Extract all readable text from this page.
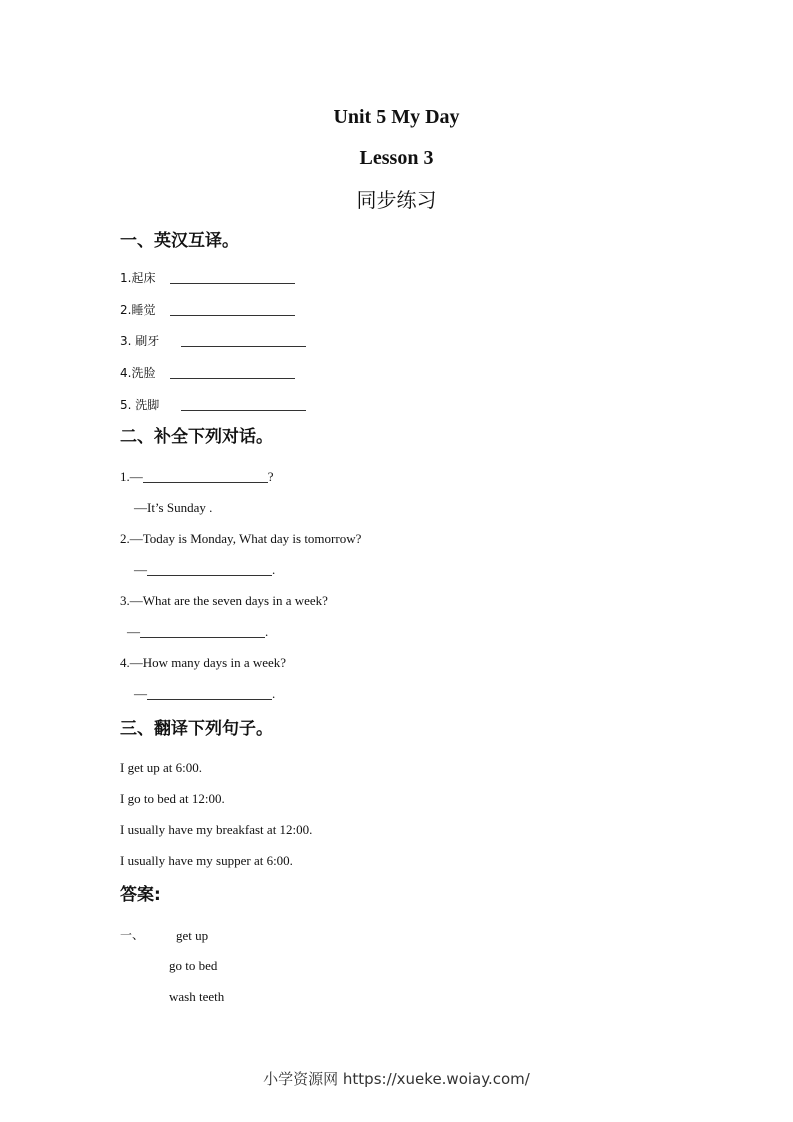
Unit 5 My Day
Lesson 3
同步练习
一、英汉互译。
1.起床
2.睡觉
3. 刷牙
4.洗脸
5. 洗脚
二、补全下列对话。
1.—	?
—It’s Sunday .
2.—Today is Monday, What day is tomorrow?
—	.
3.—What are the seven days in a week?
—	.
4.—How many days in a week?
—	.
三、翻译下列句子。
I get up at 6:00.
I go to bed at 12:00.
I usually have my breakfast at 12:00.
I usually have my supper at 6:00.
答案:
一、 get up
go to bed
wash teeth
小学资源网 https://xueke.woiay.com/
